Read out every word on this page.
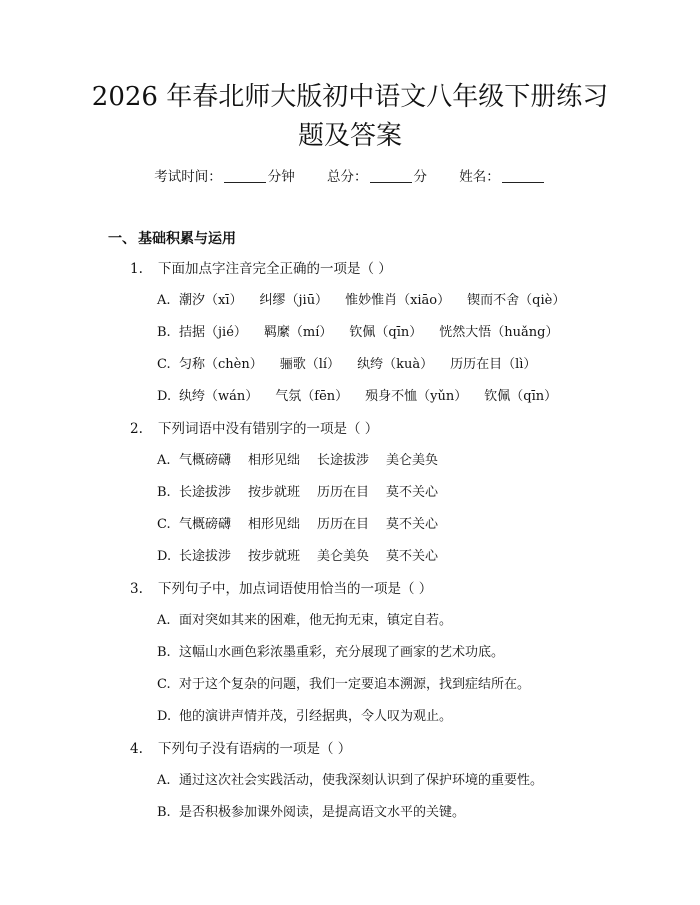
2026 年春北师大版初中语文八年级下册练习
题及答案
考试时间：	分钟 总分：	分 姓名：
一、 基础积累与运用
1. 下面加点字注音完全正确的一项是（ ）
A. 潮汐（xī） 纠缪（jiū） 惟妙惟肖（xiāo） 锲而不舍（qiè）
B. 拮据（jié） 羁縻（mí） 钦佩（qīn） 恍然大悟（huǎng）
C. 匀称（chèn） 骊歌（lí） 纨绔（kuà） 历历在目（lì）
D. 纨绔（wán） 气氛（fēn） 殒身不恤（yǔn） 钦佩（qīn）
2. 下列词语中没有错别字的一项是（ ）
A. 气概磅礴 相形见绌 长途拔涉 美仑美奂
B. 长途拔涉 按步就班 历历在目 莫不关心
C. 气概磅礴 相形见绌 历历在目 莫不关心
D. 长途拔涉 按步就班 美仑美奂 莫不关心
3. 下列句子中，加点词语使用恰当的一项是（ ）
A. 面对突如其来的困难，他无拘无束，镇定自若。
B. 这幅山水画色彩浓墨重彩，充分展现了画家的艺术功底。
C. 对于这个复杂的问题，我们一定要追本溯源，找到症结所在。
D. 他的演讲声情并茂，引经据典，令人叹为观止。
4. 下列句子没有语病的一项是（ ）
A. 通过这次社会实践活动，使我深刻认识到了保护环境的重要性。
B. 是否积极参加课外阅读，是提高语文水平的关键。
